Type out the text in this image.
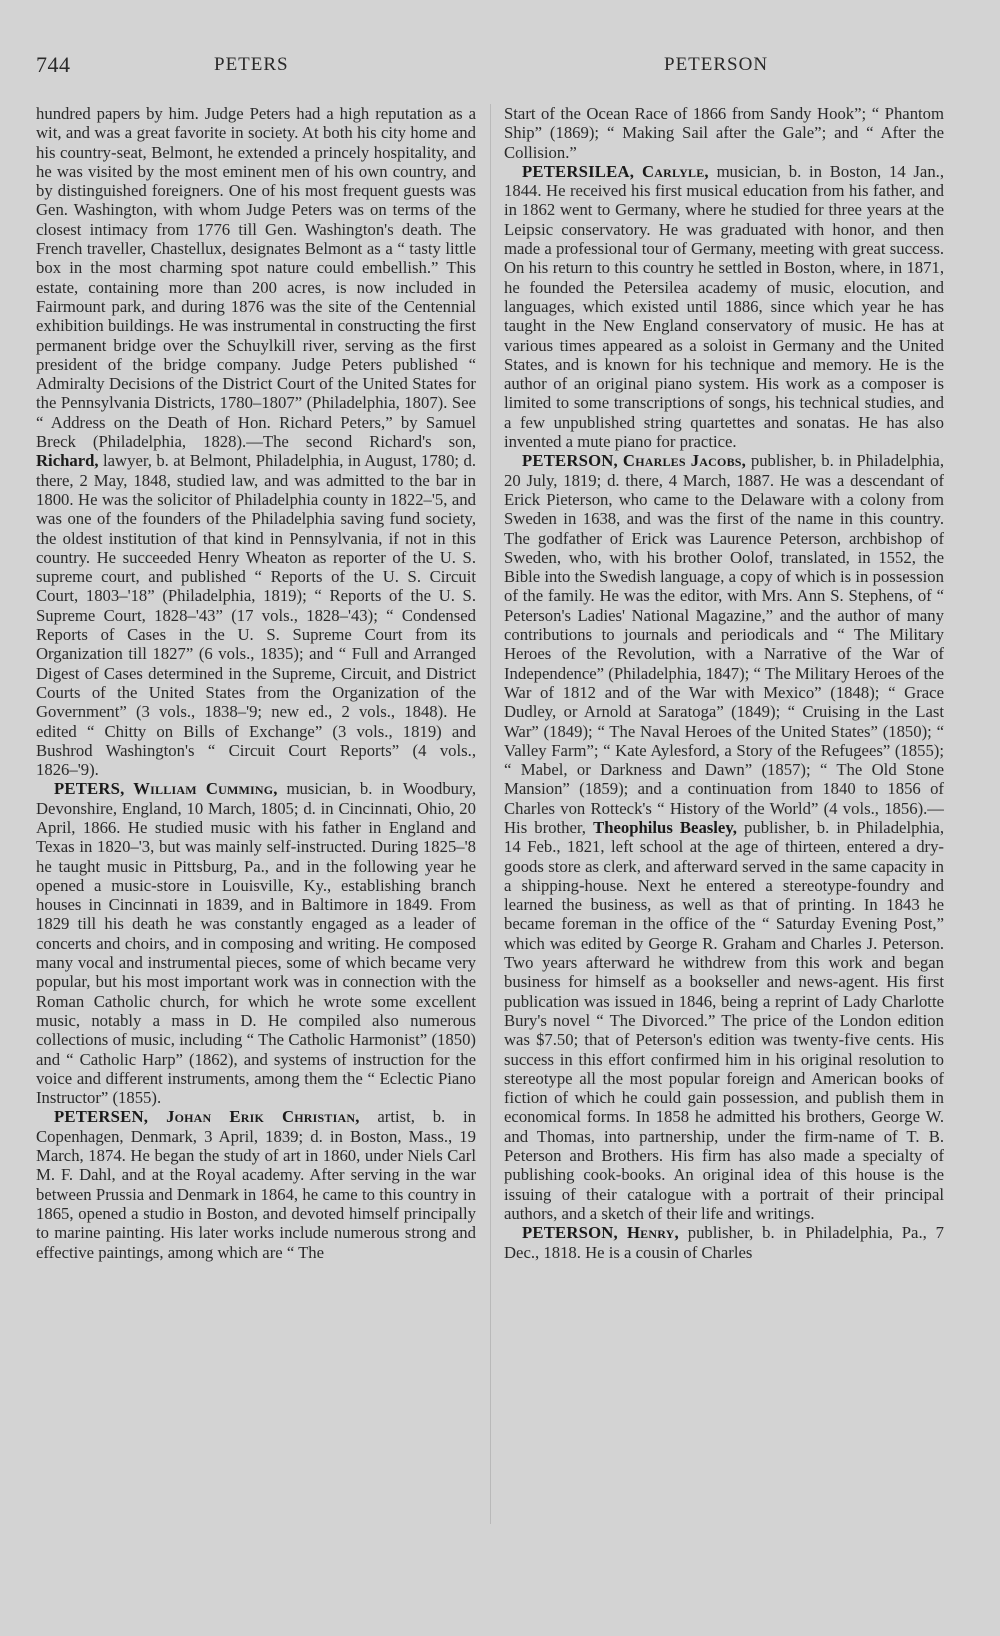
744	PETERS	PETERSON

hundred papers by him. Judge Peters had a high reputation as a wit, and was a great favorite in society. At both his city home and his country-seat, Belmont, he extended a princely hospitality, and he was visited by the most eminent men of his own country, and by distinguished foreigners. One of his most frequent guests was Gen. Washington, with whom Judge Peters was on terms of the closest intimacy from 1776 till Gen. Washington's death. The French traveller, Chastellux, designates Belmont as a “ tasty little box in the most charming spot nature could embellish.” This estate, containing more than 200 acres, is now included in Fairmount park, and during 1876 was the site of the Centennial exhibition buildings. He was instrumental in constructing the first permanent bridge over the Schuylkill river, serving as the first president of the bridge company. Judge Peters published “ Admiralty Decisions of the District Court of the United States for the Pennsylvania Districts, 1780–1807” (Philadelphia, 1807). See “ Address on the Death of Hon. Richard Peters,” by Samuel Breck (Philadelphia, 1828).—The second Richard's son, Richard, lawyer, b. at Belmont, Philadelphia, in August, 1780; d. there, 2 May, 1848, studied law, and was admitted to the bar in 1800. He was the solicitor of Philadelphia county in 1822–'5, and was one of the founders of the Philadelphia saving fund society, the oldest institution of that kind in Pennsylvania, if not in this country. He succeeded Henry Wheaton as reporter of the U. S. supreme court, and published “ Reports of the U. S. Circuit Court, 1803–'18” (Philadelphia, 1819); “ Reports of the U. S. Supreme Court, 1828–'43” (17 vols., 1828–'43); “ Condensed Reports of Cases in the U. S. Supreme Court from its Organization till 1827” (6 vols., 1835); and “ Full and Arranged Digest of Cases determined in the Supreme, Circuit, and District Courts of the United States from the Organization of the Government” (3 vols., 1838–'9; new ed., 2 vols., 1848). He edited “ Chitty on Bills of Exchange” (3 vols., 1819) and Bushrod Washington's “ Circuit Court Reports” (4 vols., 1826–'9).

PETERS, William Cumming, musician, b. in Woodbury, Devonshire, England, 10 March, 1805; d. in Cincinnati, Ohio, 20 April, 1866. He studied music with his father in England and Texas in 1820–'3, but was mainly self-instructed. During 1825–'8 he taught music in Pittsburg, Pa., and in the following year he opened a music-store in Louisville, Ky., establishing branch houses in Cincinnati in 1839, and in Baltimore in 1849. From 1829 till his death he was constantly engaged as a leader of concerts and choirs, and in composing and writing. He composed many vocal and instrumental pieces, some of which became very popular, but his most important work was in connection with the Roman Catholic church, for which he wrote some excellent music, notably a mass in D. He compiled also numerous collections of music, including “ The Catholic Harmonist” (1850) and “ Catholic Harp” (1862), and systems of instruction for the voice and different instruments, among them the “ Eclectic Piano Instructor” (1855).

PETERSEN, Johan Erik Christian, artist, b. in Copenhagen, Denmark, 3 April, 1839; d. in Boston, Mass., 19 March, 1874. He began the study of art in 1860, under Niels Carl M. F. Dahl, and at the Royal academy. After serving in the war between Prussia and Denmark in 1864, he came to this country in 1865, opened a studio in Boston, and devoted himself principally to marine painting. His later works include numerous strong and effective paintings, among which are “ The

Start of the Ocean Race of 1866 from Sandy Hook”; “ Phantom Ship” (1869); “ Making Sail after the Gale”; and “ After the Collision.”

PETERSILEA, Carlyle, musician, b. in Boston, 14 Jan., 1844. He received his first musical education from his father, and in 1862 went to Germany, where he studied for three years at the Leipsic conservatory. He was graduated with honor, and then made a professional tour of Germany, meeting with great success. On his return to this country he settled in Boston, where, in 1871, he founded the Petersilea academy of music, elocution, and languages, which existed until 1886, since which year he has taught in the New England conservatory of music. He has at various times appeared as a soloist in Germany and the United States, and is known for his technique and memory. He is the author of an original piano system. His work as a composer is limited to some transcriptions of songs, his technical studies, and a few unpublished string quartettes and sonatas. He has also invented a mute piano for practice.

PETERSON, Charles Jacobs, publisher, b. in Philadelphia, 20 July, 1819; d. there, 4 March, 1887. He was a descendant of Erick Pieterson, who came to the Delaware with a colony from Sweden in 1638, and was the first of the name in this country. The godfather of Erick was Laurence Peterson, archbishop of Sweden, who, with his brother Oolof, translated, in 1552, the Bible into the Swedish language, a copy of which is in possession of the family. He was the editor, with Mrs. Ann S. Stephens, of “ Peterson's Ladies' National Magazine,” and the author of many contributions to journals and periodicals and “ The Military Heroes of the Revolution, with a Narrative of the War of Independence” (Philadelphia, 1847); “ The Military Heroes of the War of 1812 and of the War with Mexico” (1848); “ Grace Dudley, or Arnold at Saratoga” (1849); “ Cruising in the Last War” (1849); “ The Naval Heroes of the United States” (1850); “ Valley Farm”; “ Kate Aylesford, a Story of the Refugees” (1855); “ Mabel, or Darkness and Dawn” (1857); “ The Old Stone Mansion” (1859); and a continuation from 1840 to 1856 of Charles von Rotteck's “ History of the World” (4 vols., 1856).—His brother, Theophilus Beasley, publisher, b. in Philadelphia, 14 Feb., 1821, left school at the age of thirteen, entered a dry-goods store as clerk, and afterward served in the same capacity in a shipping-house. Next he entered a stereotype-foundry and learned the business, as well as that of printing. In 1843 he became foreman in the office of the “ Saturday Evening Post,” which was edited by George R. Graham and Charles J. Peterson. Two years afterward he withdrew from this work and began business for himself as a bookseller and news-agent. His first publication was issued in 1846, being a reprint of Lady Charlotte Bury's novel “ The Divorced.” The price of the London edition was $7.50; that of Peterson's edition was twenty-five cents. His success in this effort confirmed him in his original resolution to stereotype all the most popular foreign and American books of fiction of which he could gain possession, and publish them in economical forms. In 1858 he admitted his brothers, George W. and Thomas, into partnership, under the firm-name of T. B. Peterson and Brothers. His firm has also made a specialty of publishing cook-books. An original idea of this house is the issuing of their catalogue with a portrait of their principal authors, and a sketch of their life and writings.

PETERSON, Henry, publisher, b. in Philadelphia, Pa., 7 Dec., 1818. He is a cousin of Charles
